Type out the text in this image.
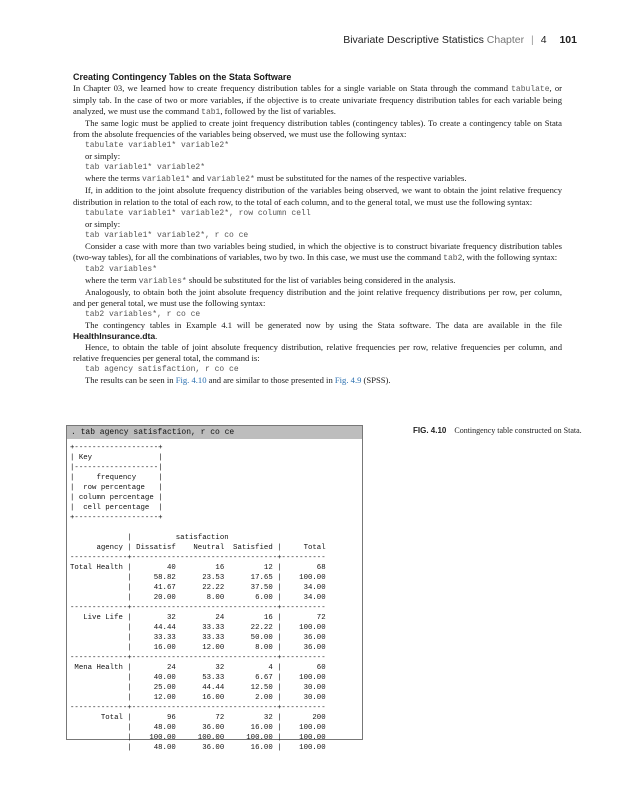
Bivariate Descriptive Statistics Chapter | 4 101

Creating Contingency Tables on the Stata Software

In Chapter 03, we learned how to create frequency distribution tables for a single variable on Stata through the command tabulate, or simply tab. In the case of two or more variables, if the objective is to create univariate frequency distribution tables for each variable being analyzed, we must use the command tab1, followed by the list of variables.

The same logic must be applied to create joint frequency distribution tables (contingency tables). To create a contingency table on Stata from the absolute frequencies of the variables being observed, we must use the following syntax:

tabulate variable1* variable2*

or simply:

tab variable1* variable2*

where the terms variable1* and variable2* must be substituted for the names of the respective variables.

If, in addition to the joint absolute frequency distribution of the variables being observed, we want to obtain the joint relative frequency distribution in relation to the total of each row, to the total of each column, and to the general total, we must use the following syntax:

tabulate variable1* variable2*, row column cell

or simply:

tab variable1* variable2*, r co ce

Consider a case with more than two variables being studied, in which the objective is to construct bivariate frequency distribution tables (two-way tables), for all the combinations of variables, two by two. In this case, we must use the command tab2, with the following syntax:

tab2 variables*

where the term variables* should be substituted for the list of variables being considered in the analysis.

Analogously, to obtain both the joint absolute frequency distribution and the joint relative frequency distributions per row, per column, and per general total, we must use the following syntax:

tab2 variables*, r co ce

The contingency tables in Example 4.1 will be generated now by using the Stata software. The data are available in the file HealthInsurance.dta.

Hence, to obtain the table of joint absolute frequency distribution, relative frequencies per row, relative frequencies per column, and relative frequencies per general total, the command is:

tab agency satisfaction, r co ce

The results can be seen in Fig. 4.10 and are similar to those presented in Fig. 4.9 (SPSS).

. tab agency satisfaction, r co ce
+-------------------+
| Key               |
|-------------------|
|     frequency     |
|  row percentage   |
| column percentage |
|  cell percentage  |
+-------------------+

|          satisfaction
agency | Dissatisf    Neutral  Satisfied |     Total
-------------+---------------------------------+----------
Total Health |        40         16         12 |        68
|     58.82      23.53      17.65 |    100.00
|     41.67      22.22      37.50 |     34.00
|     20.00       8.00       6.00 |     34.00
-------------+---------------------------------+----------
Live Life |        32         24         16 |        72
|     44.44      33.33      22.22 |    100.00
|     33.33      33.33      50.00 |     36.00
|     16.00      12.00       8.00 |     36.00
-------------+---------------------------------+----------
Mena Health |        24         32          4 |        60
|     40.00      53.33       6.67 |    100.00
|     25.00      44.44      12.50 |     30.00
|     12.00      16.00       2.00 |     30.00
-------------+---------------------------------+----------
Total |        96         72         32 |       200
|     48.00      36.00      16.00 |    100.00
|    100.00     100.00     100.00 |    100.00
|     48.00      36.00      16.00 |    100.00
FIG. 4.10 Contingency table constructed on Stata.
